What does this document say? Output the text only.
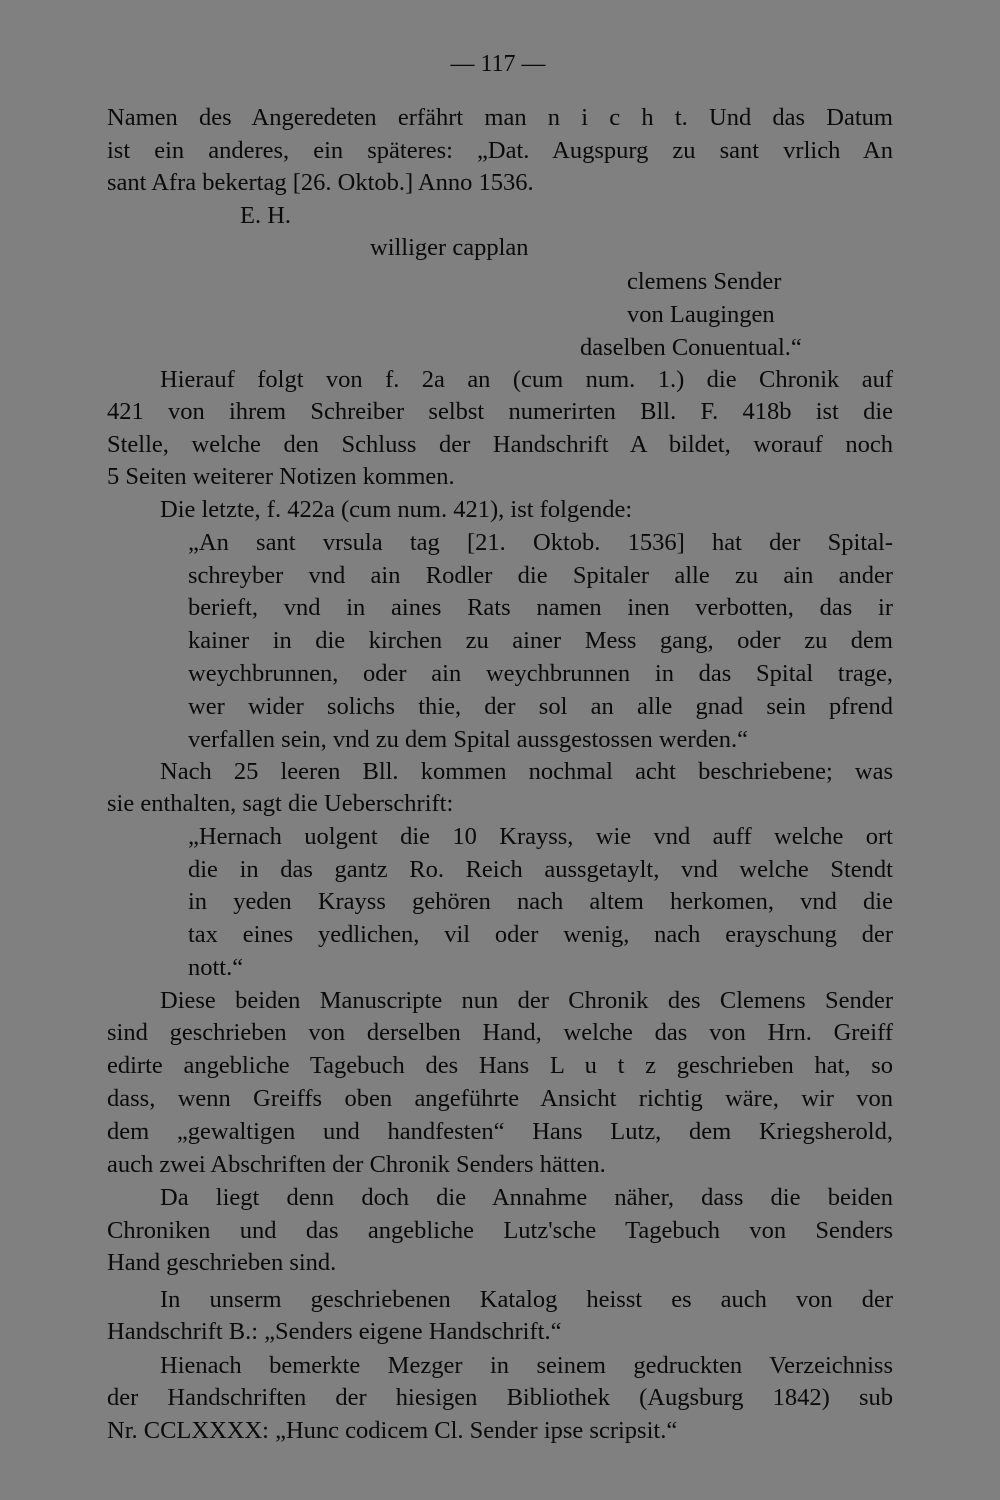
— 117 —
Namen des Angeredeten erfährt man n i c h t. Und das Datum
ist ein anderes, ein späteres: „Dat. Augspurg zu sant vrlich An
sant Afra bekertag [26. Oktob.] Anno 1536.
E. H.
williger capplan
clemens Sender
von Laugingen
daselben Conuentual.“
Hierauf folgt von f. 2a an (cum num. 1.) die Chronik auf
421 von ihrem Schreiber selbst numerirten Bll. F. 418b ist die
Stelle, welche den Schluss der Handschrift A bildet, worauf noch
5 Seiten weiterer Notizen kommen.
Die letzte, f. 422a (cum num. 421), ist folgende:
„An sant vrsula tag [21. Oktob. 1536] hat der Spital-
schreyber vnd ain Rodler die Spitaler alle zu ain ander
berieft, vnd in aines Rats namen inen verbotten, das ir
kainer in die kirchen zu ainer Mess gang, oder zu dem
weychbrunnen, oder ain weychbrunnen in das Spital trage,
wer wider solichs thie, der sol an alle gnad sein pfrend
verfallen sein, vnd zu dem Spital aussgestossen werden.“
Nach 25 leeren Bll. kommen nochmal acht beschriebene; was
sie enthalten, sagt die Ueberschrift:
„Hernach uolgent die 10 Krayss, wie vnd auff welche ort
die in das gantz Ro. Reich aussgetaylt, vnd welche Stendt
in yeden Krayss gehören nach altem herkomen, vnd die
tax eines yedlichen, vil oder wenig, nach erayschung der
nott.“
Diese beiden Manuscripte nun der Chronik des Clemens Sender
sind geschrieben von derselben Hand, welche das von Hrn. Greiff
edirte angebliche Tagebuch des Hans L u t z geschrieben hat, so
dass, wenn Greiffs oben angeführte Ansicht richtig wäre, wir von
dem „gewaltigen und handfesten“ Hans Lutz, dem Kriegsherold,
auch zwei Abschriften der Chronik Senders hätten.
Da liegt denn doch die Annahme näher, dass die beiden
Chroniken und das angebliche Lutz'sche Tagebuch von Senders
Hand geschrieben sind.
In unserm geschriebenen Katalog heisst es auch von der
Handschrift B.: „Senders eigene Handschrift.“
Hienach bemerkte Mezger in seinem gedruckten Verzeichniss
der Handschriften der hiesigen Bibliothek (Augsburg 1842) sub
Nr. CCLXXXX: „Hunc codicem Cl. Sender ipse scripsit.“
